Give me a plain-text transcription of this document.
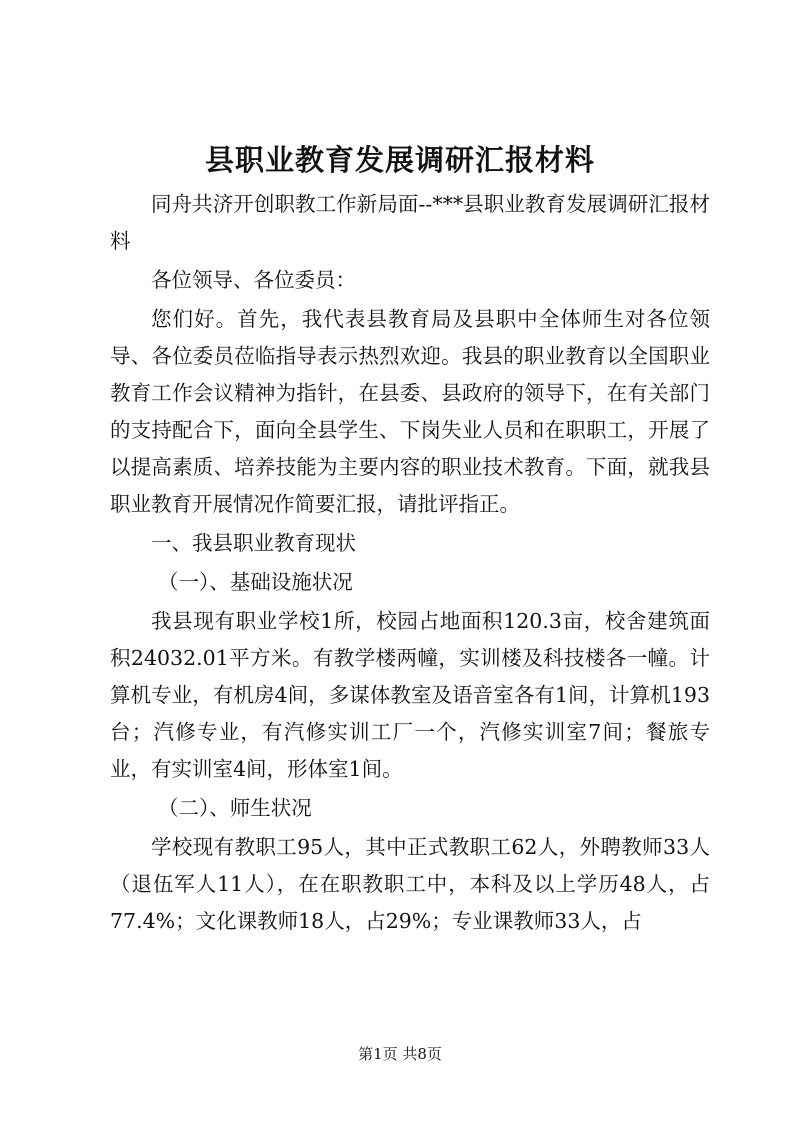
县职业教育发展调研汇报材料

同舟共济开创职教工作新局面--***县职业教育发展调研汇报材料

各位领导、各位委员：

您们好。首先，我代表县教育局及县职中全体师生对各位领导、各位委员莅临指导表示热烈欢迎。我县的职业教育以全国职业教育工作会议精神为指针，在县委、县政府的领导下，在有关部门的支持配合下，面向全县学生、下岗失业人员和在职职工，开展了以提高素质、培养技能为主要内容的职业技术教育。下面，就我县职业教育开展情况作简要汇报，请批评指正。

一、我县职业教育现状

（一）、基础设施状况

我县现有职业学校1所，校园占地面积120.3亩，校舍建筑面积24032.01平方米。有教学楼两幢，实训楼及科技楼各一幢。计算机专业，有机房4间，多谋体教室及语音室各有1间，计算机193台；汽修专业，有汽修实训工厂一个，汽修实训室7间；餐旅专业，有实训室4间，形体室1间。

（二）、师生状况

学校现有教职工95人，其中正式教职工62人，外聘教师33人（退伍军人11人），在在职教职工中，本科及以上学历48人，占77.4%；文化课教师18人，占29%；专业课教师33人，占

第1页 共8页
